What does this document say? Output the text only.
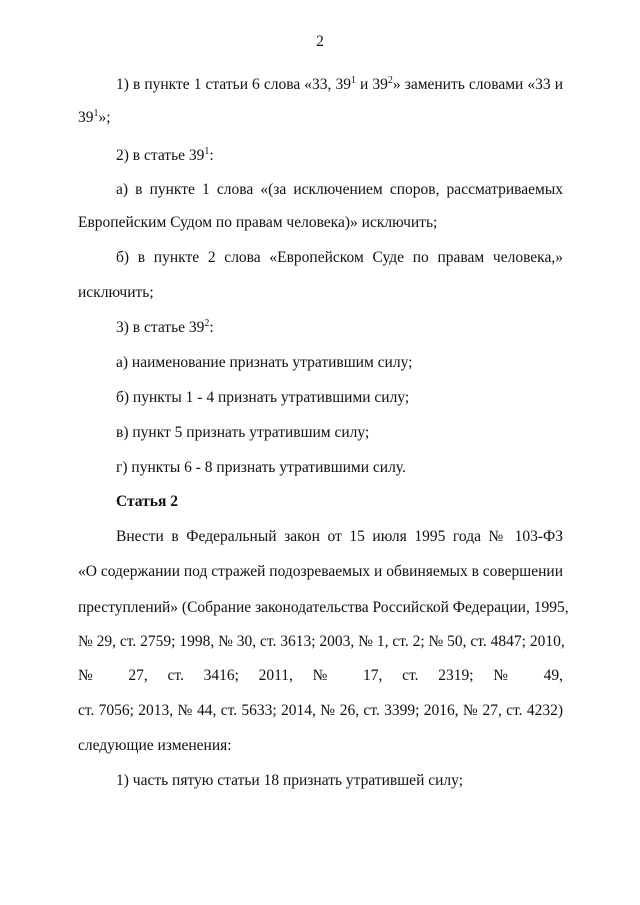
2
1) в пункте 1 статьи 6 слова «33, $39^1$ и $39^2$» заменить словами «33 и
$39^1$»;
2) в статье $39^1$:
а) в пункте 1 слова «(за исключением споров, рассматриваемых
Европейским Судом по правам человека)» исключить;
б) в пункте 2 слова «Европейском Суде по правам человека,»
исключить;
3) в статье $39^2$:
а) наименование признать утратившим силу;
б) пункты 1 - 4 признать утратившими силу;
в) пункт 5 признать утратившим силу;
г) пункты 6 - 8 признать утратившими силу.
Статья 2
Внести в Федеральный закон от 15 июля 1995 года № 103-ФЗ
«О содержании под стражей подозреваемых и обвиняемых в совершении
преступлений» (Собрание законодательства Российской Федерации, 1995,
№ 29, ст. 2759; 1998, № 30, ст. 3613; 2003, № 1, ст. 2; № 50, ст. 4847; 2010,
№ 27, ст. 3416; 2011, № 17, ст. 2319; № 49,
ст. 7056; 2013, № 44, ст. 5633; 2014, № 26, ст. 3399; 2016, № 27, ст. 4232)
следующие изменения:
1) часть пятую статьи 18 признать утратившей силу;
